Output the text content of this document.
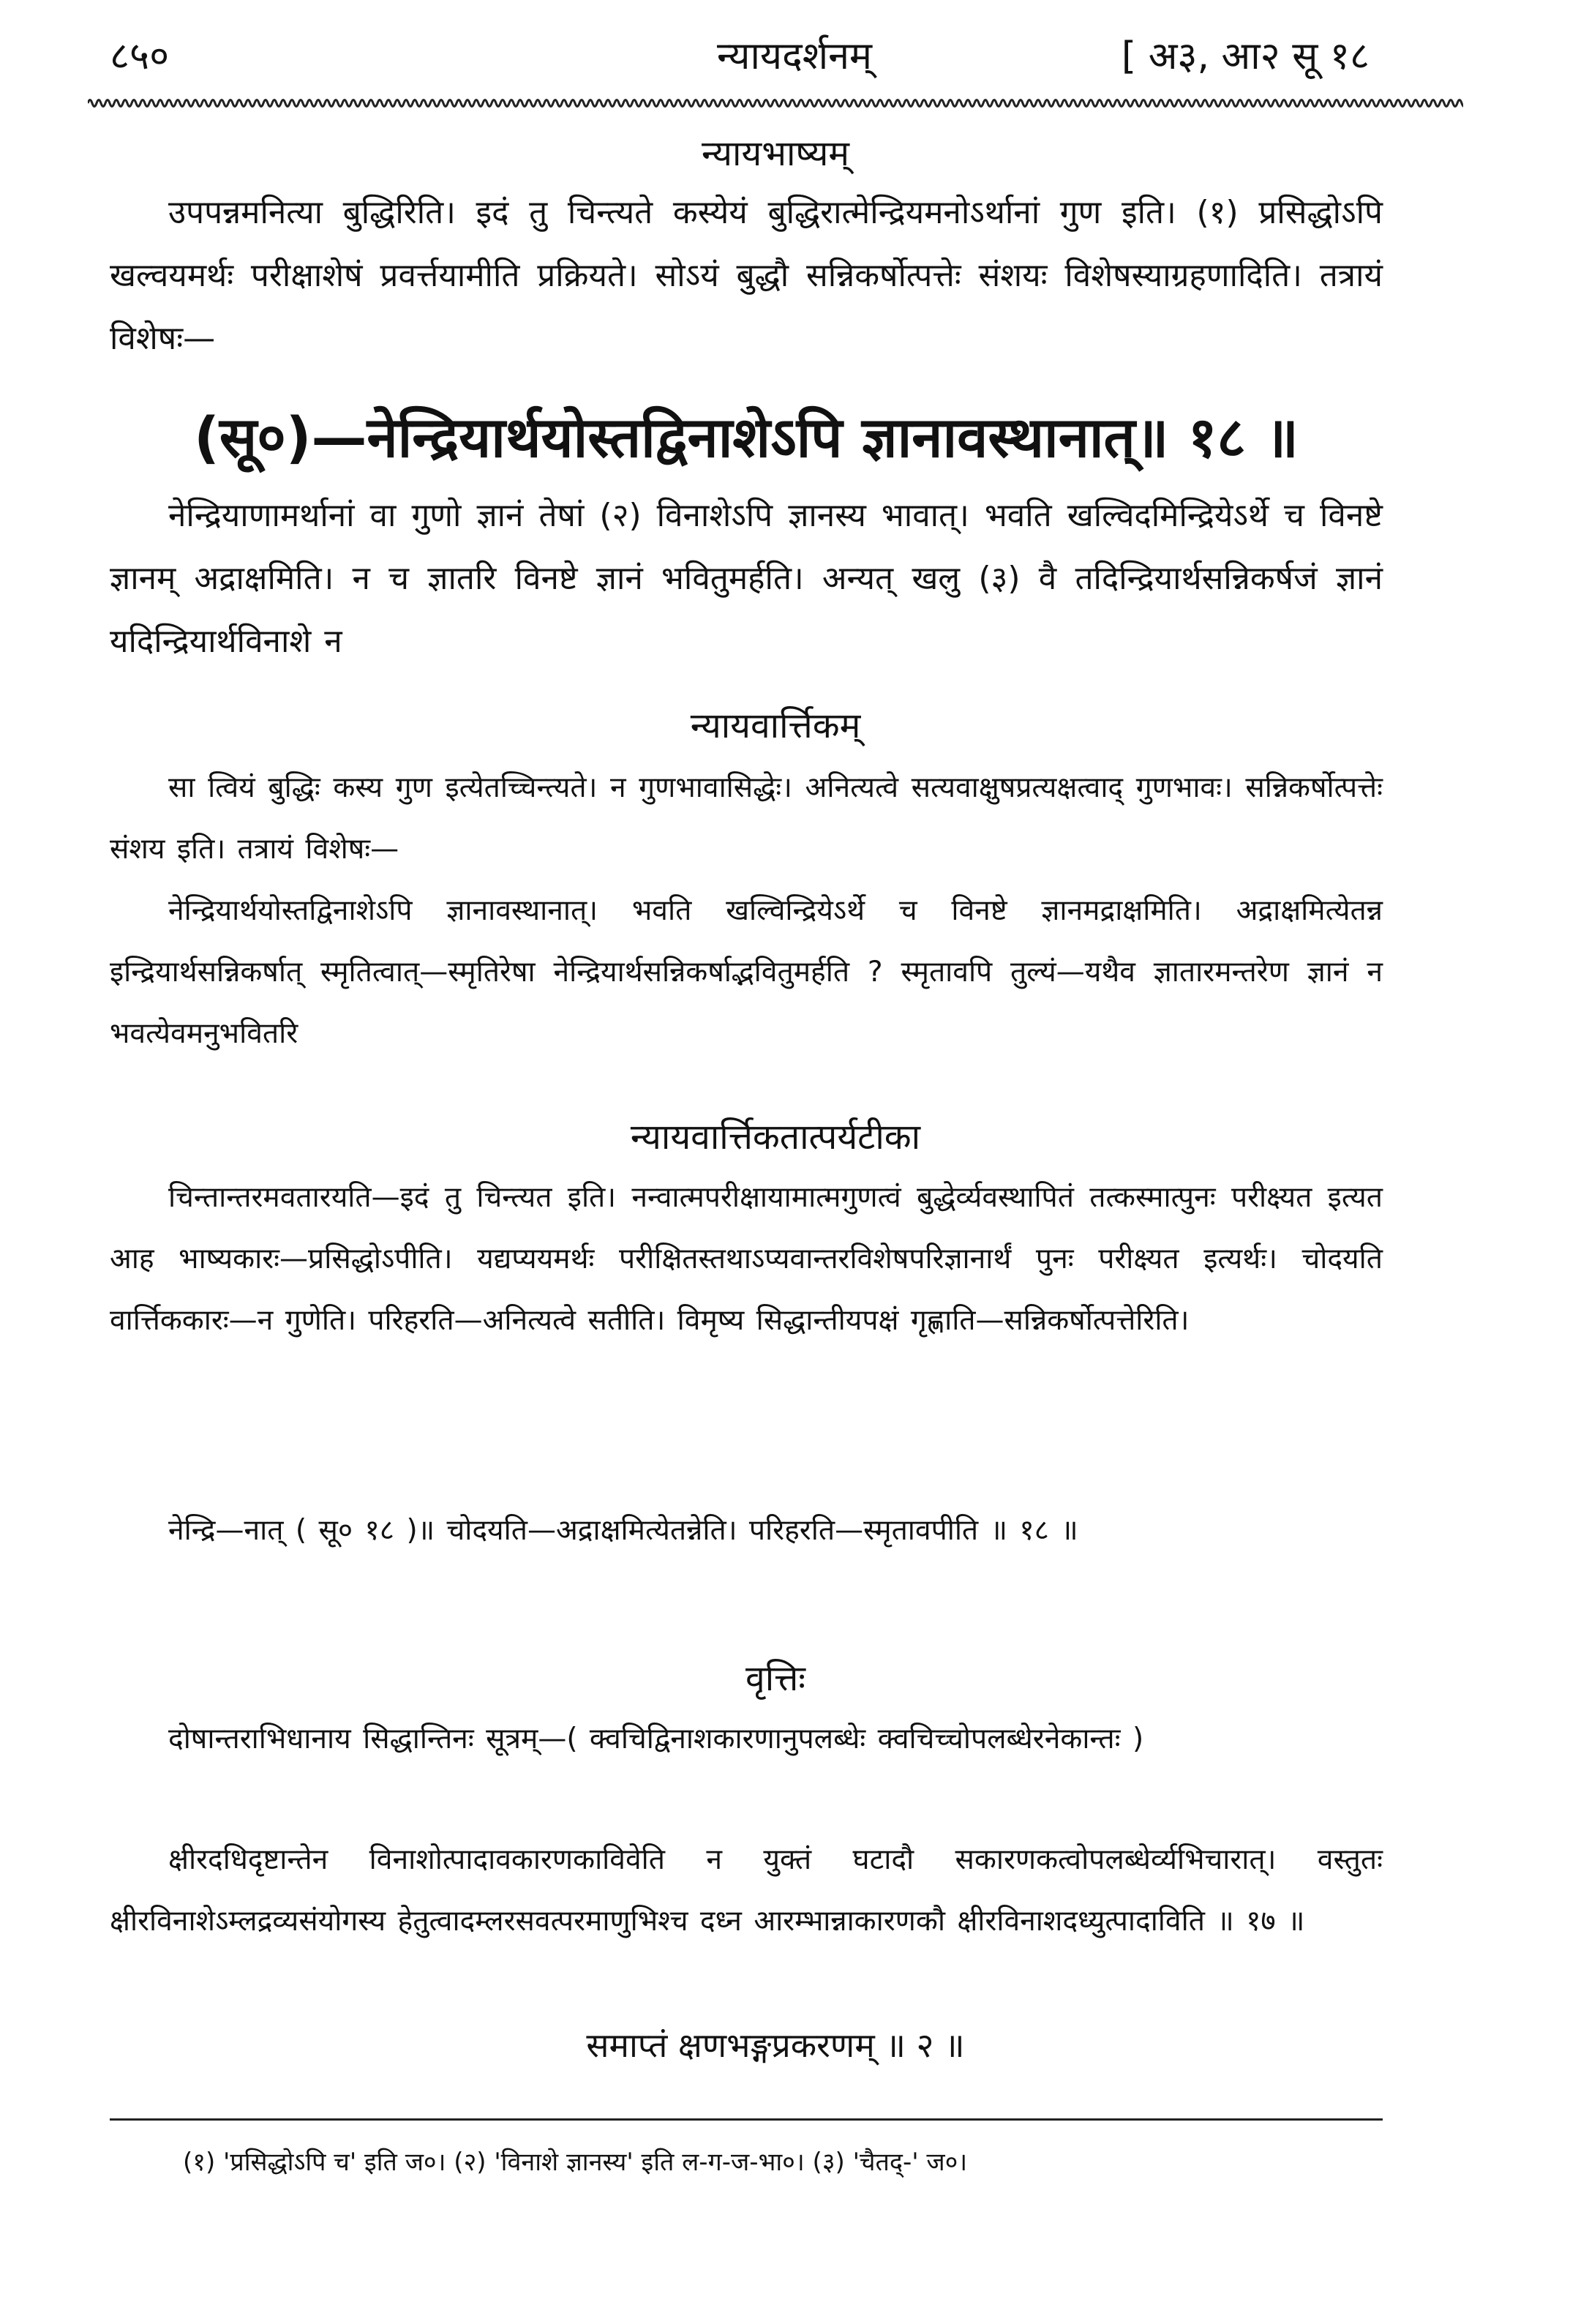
न्यायदर्शनम्
८५०	[ अ३, आ२ सू १८
न्यायभाष्यम्
उपपन्नमनित्या बुद्धिरिति। इदं तु चिन्त्यते कस्येयं बुद्धिरात्मेन्द्रियमनोऽर्थानां गुण इति। (१) प्रसिद्धोऽपि खल्वयमर्थः परीक्षाशेषं प्रवर्त्तयामीति प्रक्रियते। सोऽयं बुद्धौ सन्निकर्षोत्पत्तेः संशयः विशेषस्याग्रहणादिति। तत्रायं विशेषः—
(सू०)—नेन्द्रियार्थयोस्तद्विनाशेऽपि ज्ञानावस्थानात्॥ १८ ॥
नेन्द्रियाणामर्थानां वा गुणो ज्ञानं तेषां (२) विनाशेऽपि ज्ञानस्य भावात्। भवति खल्विदमिन्द्रियेऽर्थे च विनष्टे ज्ञानम् अद्राक्षमिति। न च ज्ञातरि विनष्टे ज्ञानं भवितुमर्हति। अन्यत् खलु (३) वै तदिन्द्रियार्थसन्निकर्षजं ज्ञानं यदिन्द्रियार्थविनाशे न
न्यायवार्त्तिकम्
सा त्वियं बुद्धिः कस्य गुण इत्येतच्चिन्त्यते। न गुणभावासिद्धेः। अनित्यत्वे सत्यवाक्षुषप्रत्यक्षत्वाद् गुणभावः। सन्निकर्षोत्पत्तेः संशय इति। तत्रायं विशेषः—
नेन्द्रियार्थयोस्तद्विनाशेऽपि ज्ञानावस्थानात्। भवति खल्विन्द्रियेऽर्थे च विनष्टे ज्ञानमद्राक्षमिति। अद्राक्षमित्येतन्न इन्द्रियार्थसन्निकर्षात् स्मृतित्वात्—स्मृतिरेषा नेन्द्रियार्थसन्निकर्षाद्भवितुमर्हति ? स्मृतावपि तुल्यं—यथैव ज्ञातारमन्तरेण ज्ञानं न भवत्येवमनुभवितरि
न्यायवार्त्तिकतात्पर्यटीका
चिन्तान्तरमवतारयति—इदं तु चिन्त्यत इति। नन्वात्मपरीक्षायामात्मगुणत्वं बुद्धेर्व्यवस्थापितं तत्कस्मात्पुनः परीक्ष्यत इत्यत आह भाष्यकारः—प्रसिद्धोऽपीति। यद्यप्ययमर्थः परीक्षितस्तथाऽप्यवान्तरविशेषपरिज्ञानार्थं पुनः परीक्ष्यत इत्यर्थः। चोदयति वार्त्तिककारः—न गुणेति। परिहरति—अनित्यत्वे सतीति। विमृष्य सिद्धान्तीयपक्षं गृह्णाति—सन्निकर्षोत्पत्तेरिति।
नेन्द्रि—नात् ( सू० १८ )॥ चोदयति—अद्राक्षमित्येतन्नेति। परिहरति—स्मृतावपीति ॥ १८ ॥
वृत्तिः
दोषान्तराभिधानाय सिद्धान्तिनः सूत्रम्—( क्वचिद्विनाशकारणानुपलब्धेः क्वचिच्चोपलब्धेरनेकान्तः )
क्षीरदधिदृष्टान्तेन विनाशोत्पादावकारणकाविवेति न युक्तं घटादौ सकारणकत्वोपलब्धेर्व्यभिचारात्। वस्तुतः क्षीरविनाशेऽम्लद्रव्यसंयोगस्य हेतुत्वादम्लरसवत्परमाणुभिश्च दध्न आरम्भान्नाकारणकौ क्षीरविनाशदध्युत्पादाविति ॥ १७ ॥
समाप्तं क्षणभङ्गप्रकरणम् ॥ २ ॥
(१) 'प्रसिद्धोऽपि च' इति ज०। (२) 'विनाशे ज्ञानस्य' इति ल-ग-ज-भा०। (३) 'चैतद्-' ज०।
